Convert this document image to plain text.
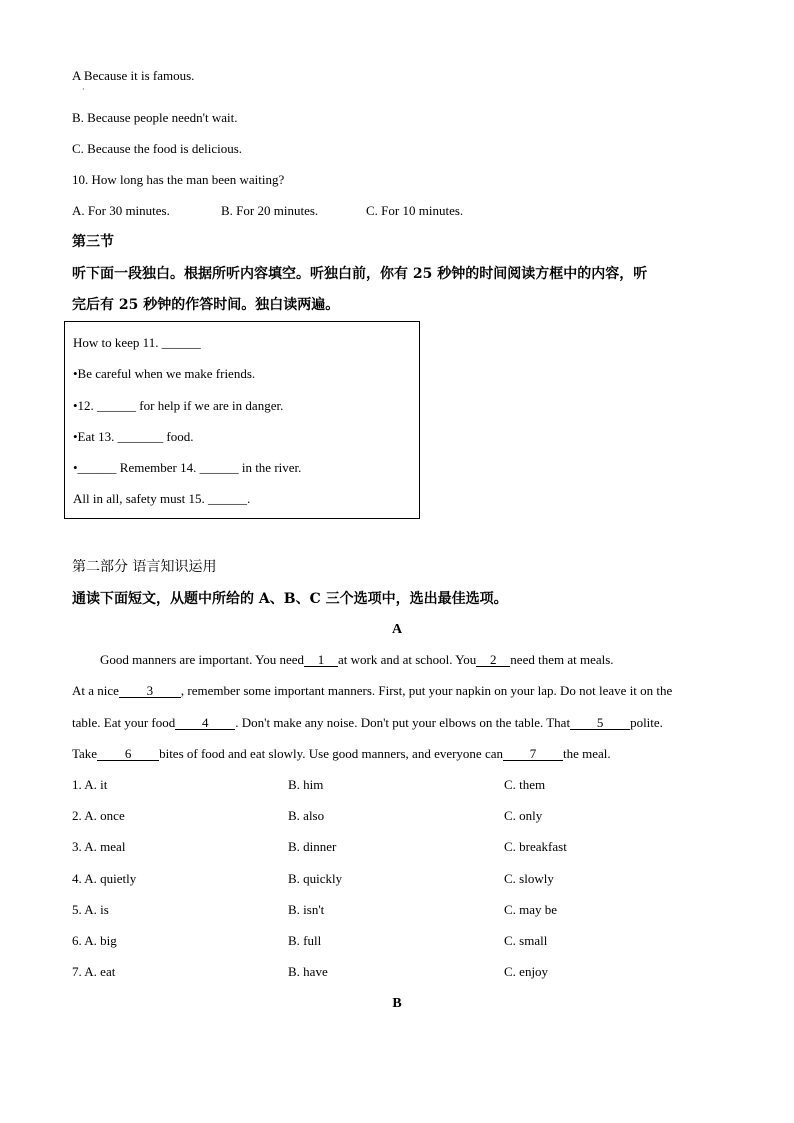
A Because it is famous.
·
B. Because people needn't wait.
C. Because the food is delicious.
10. How long has the man been waiting?
A. For 30 minutes.	B. For 20 minutes.	C. For 10 minutes.
第三节
听下面一段独白。根据所听内容填空。听独白前，你有 25 秒钟的时间阅读方框中的内容，听
完后有 25 秒钟的作答时间。独白读两遍。
How to keep 11. ______
•Be careful when we make friends.
•12. ______ for help if we are in danger.
•Eat 13. _______ food.
•______ Remember 14. ______ in the river.
All in all, safety must 15. ______.
第二部分 语言知识运用
通读下面短文，从题中所给的 A、B、C 三个选项中，选出最佳选项。
A
Good manners are important. You need 1 at work and at school. You 2 need them at meals.
At a nice 3 , remember some important manners. First, put your napkin on your lap. Do not leave it on the
table. Eat your food 4 . Don't make any noise. Don't put your elbows on the table. That 5 polite.
Take 6 bites of food and eat slowly. Use good manners, and everyone can 7 the meal.
1. A. it	B. him	C. them
2. A. once	B. also	C. only
3. A. meal	B. dinner	C. breakfast
4. A. quietly	B. quickly	C. slowly
5. A. is	B. isn't	C. may be
6. A. big	B. full	C. small
7. A. eat	B. have	C. enjoy
B
